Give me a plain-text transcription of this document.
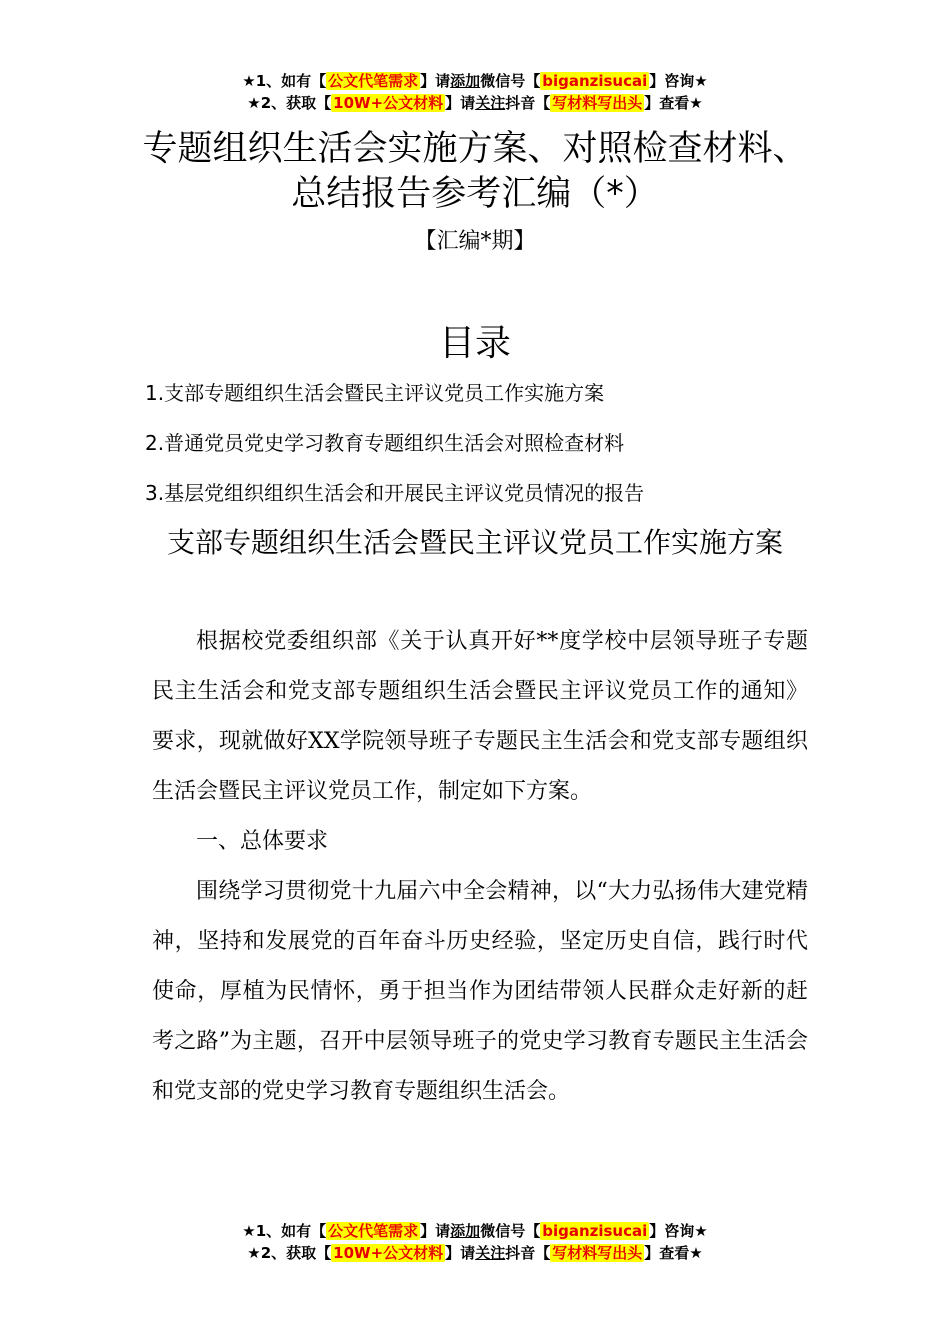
★1、如有【 公文代笔需求 】请添加微信号【 biganzisucai 】咨询★
★2、获取【 10W+公文材料 】请关注抖音【 写材料写出头 】查看★
专题组织生活会实施方案、对照检查材料、
总结报告参考汇编（*）
【汇编*期】
目录
1.支部专题组织生活会暨民主评议党员工作实施方案
2.普通党员党史学习教育专题组织生活会对照检查材料
3.基层党组织组织生活会和开展民主评议党员情况的报告
支部专题组织生活会暨民主评议党员工作实施方案

根据校党委组织部《关于认真开好**度学校中层领导班子专题民主生活会和党支部专题组织生活会暨民主评议党员工作的通知》要求，现就做好XX学院领导班子专题民主生活会和党支部专题组织生活会暨民主评议党员工作，制定如下方案。

一、总体要求

围绕学习贯彻党十九届六中全会精神，以“大力弘扬伟大建党精神，坚持和发展党的百年奋斗历史经验，坚定历史自信，践行时代使命，厚植为民情怀，勇于担当作为团结带领人民群众走好新的赶考之路”为主题，召开中层领导班子的党史学习教育专题民主生活会和党支部的党史学习教育专题组织生活会。

★1、如有【 公文代笔需求 】请添加微信号【 biganzisucai 】咨询★
★2、获取【 10W+公文材料 】请关注抖音【 写材料写出头 】查看★
